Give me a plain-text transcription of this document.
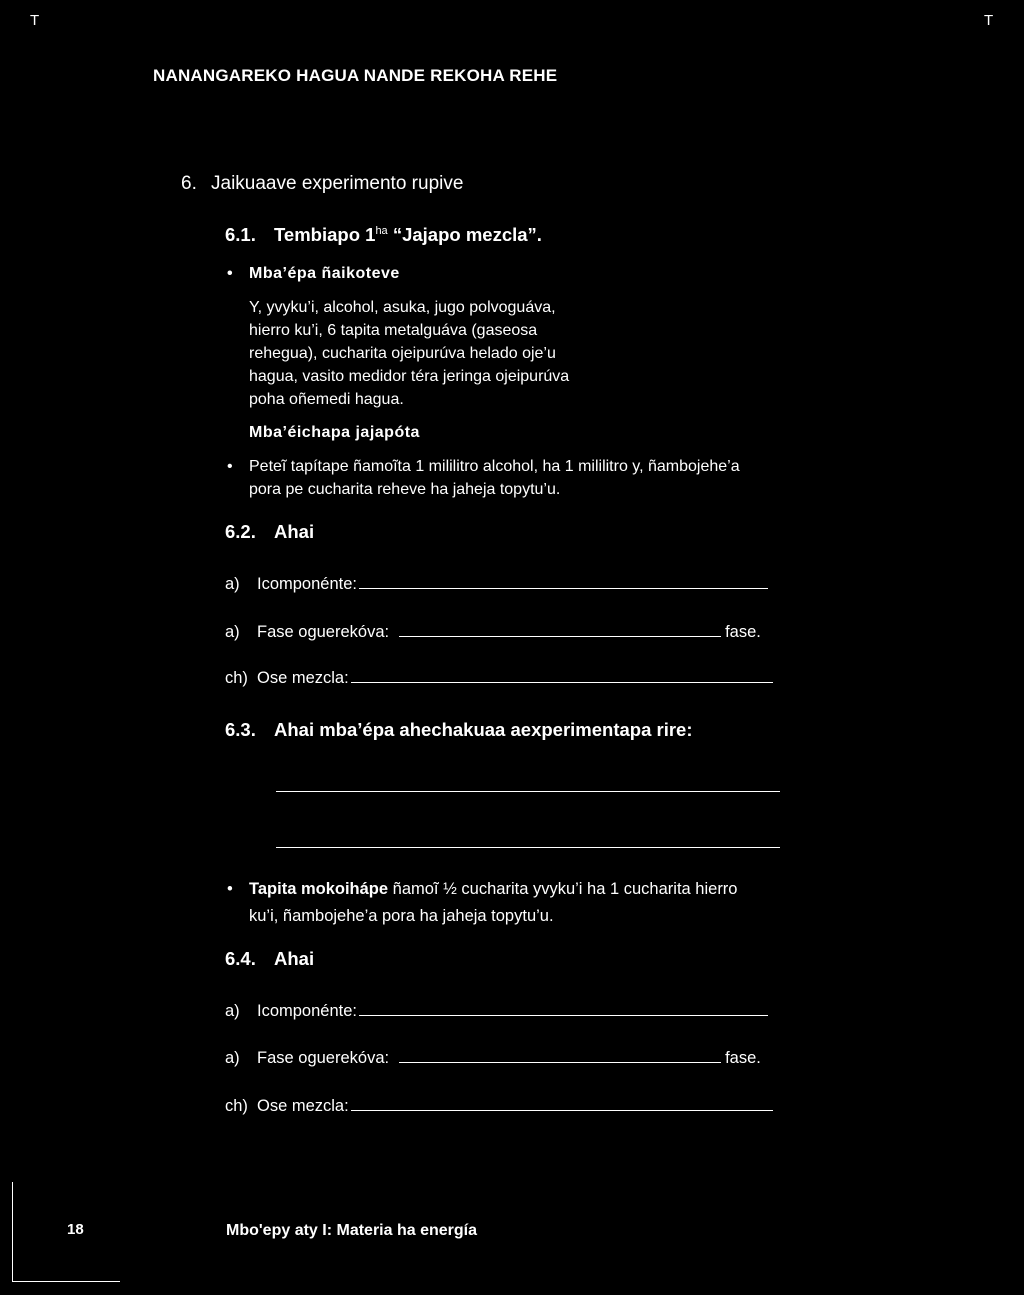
T	T
NANANGAREKO HAGUA NANDE REKOHA REHE
6. Jaikuaave experimento rupive
6.1. Tembiapo $1^{ha}$ “Jajapo mezcla”.
• Mba’épa ñaikoteve
Y, yvyku’i, alcohol, asuka, jugo polvoguáva,
hierro ku’i, 6 tapita metalguáva (gaseosa
rehegua), cucharita ojeipurúva helado oje’u
hagua, vasito medidor téra jeringa ojeipurúva
poha oñemedi hagua.
Mba’éichapa jajapóta
• Peteĩ tapítape ñamoĩta 1 mililitro alcohol, ha 1 mililitro y, ñambojehe’a
pora pe cucharita reheve ha jaheja topytu’u.
6.2. Ahai
a) Icomponénte:
a) Fase oguerekóva:	fase.
ch) Ose mezcla:
6.3. Ahai mba’épa ahechakuaa aexperimentapa rire:
• Tapita mokoihápe ñamoĩ ½ cucharita yvyku’i ha 1 cucharita hierro
ku’i, ñambojehe’a pora ha jaheja topytu’u.
6.4. Ahai
a) Icomponénte:
a) Fase oguerekóva:	fase.
ch) Ose mezcla:
18	Mbo'epy aty I: Materia ha energía
